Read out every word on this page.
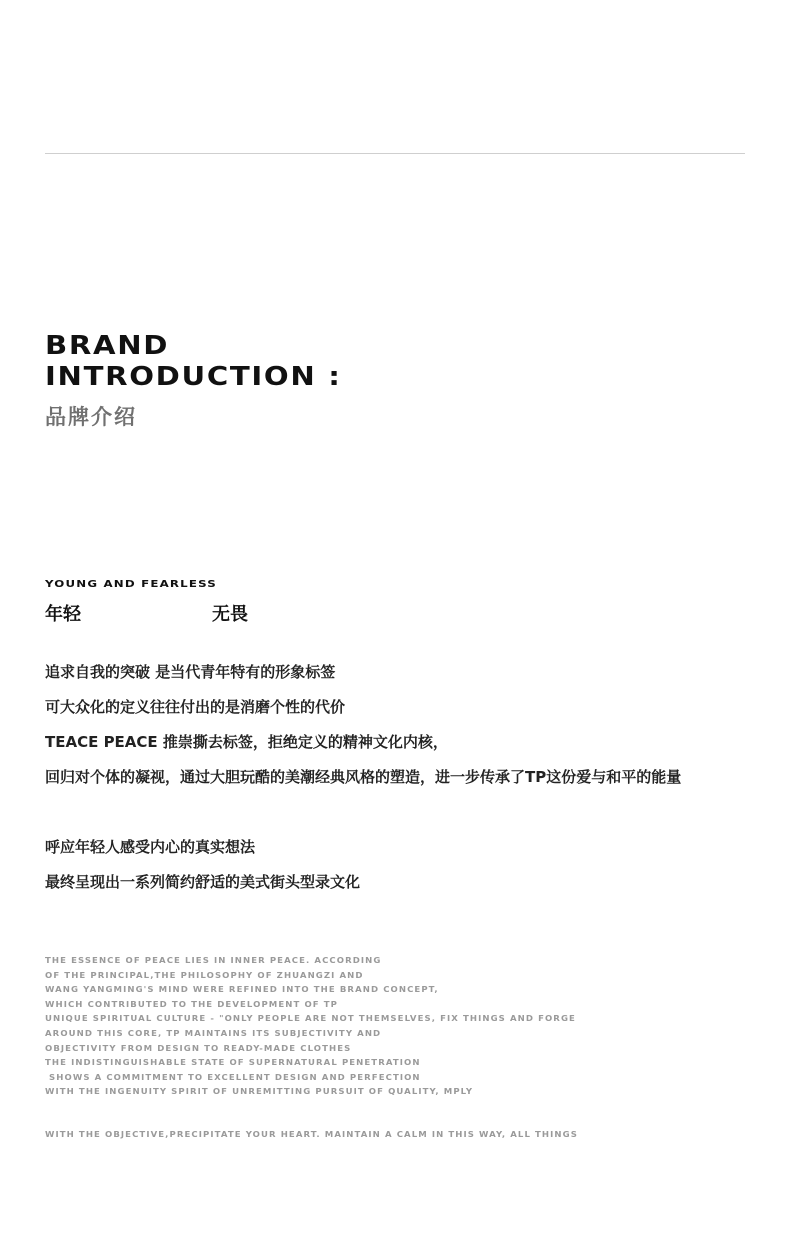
BRAND
INTRODUCTION :
品牌介绍
YOUNG AND FEARLESS
年轻	无畏
追求自我的突破 是当代青年特有的形象标签
可大众化的定义往往付出的是消磨个性的代价
TEACE PEACE 推崇撕去标签，拒绝定义的精神文化内核，
回归对个体的凝视，通过大胆玩酷的美潮经典风格的塑造，进一步传承了TP这份爱与和平的能量
呼应年轻人感受内心的真实想法
最终呈现出一系列简约舒适的美式街头型录文化
THE ESSENCE OF PEACE LIES IN INNER PEACE. ACCORDING
OF THE PRINCIPAL,THE PHILOSOPHY OF ZHUANGZI AND
WANG YANGMING'S MIND WERE REFINED INTO THE BRAND CONCEPT,
WHICH CONTRIBUTED TO THE DEVELOPMENT OF TP
UNIQUE SPIRITUAL CULTURE - "ONLY PEOPLE ARE NOT THEMSELVES, FIX THINGS AND FORGE
AROUND THIS CORE, TP MAINTAINS ITS SUBJECTIVITY AND
OBJECTIVITY FROM DESIGN TO READY-MADE CLOTHES
THE INDISTINGUISHABLE STATE OF SUPERNATURAL PENETRATION
SHOWS A COMMITMENT TO EXCELLENT DESIGN AND PERFECTION
WITH THE INGENUITY SPIRIT OF UNREMITTING PURSUIT OF QUALITY, MPLY
WITH THE OBJECTIVE,PRECIPITATE YOUR HEART. MAINTAIN A CALM IN THIS WAY, ALL THINGS
